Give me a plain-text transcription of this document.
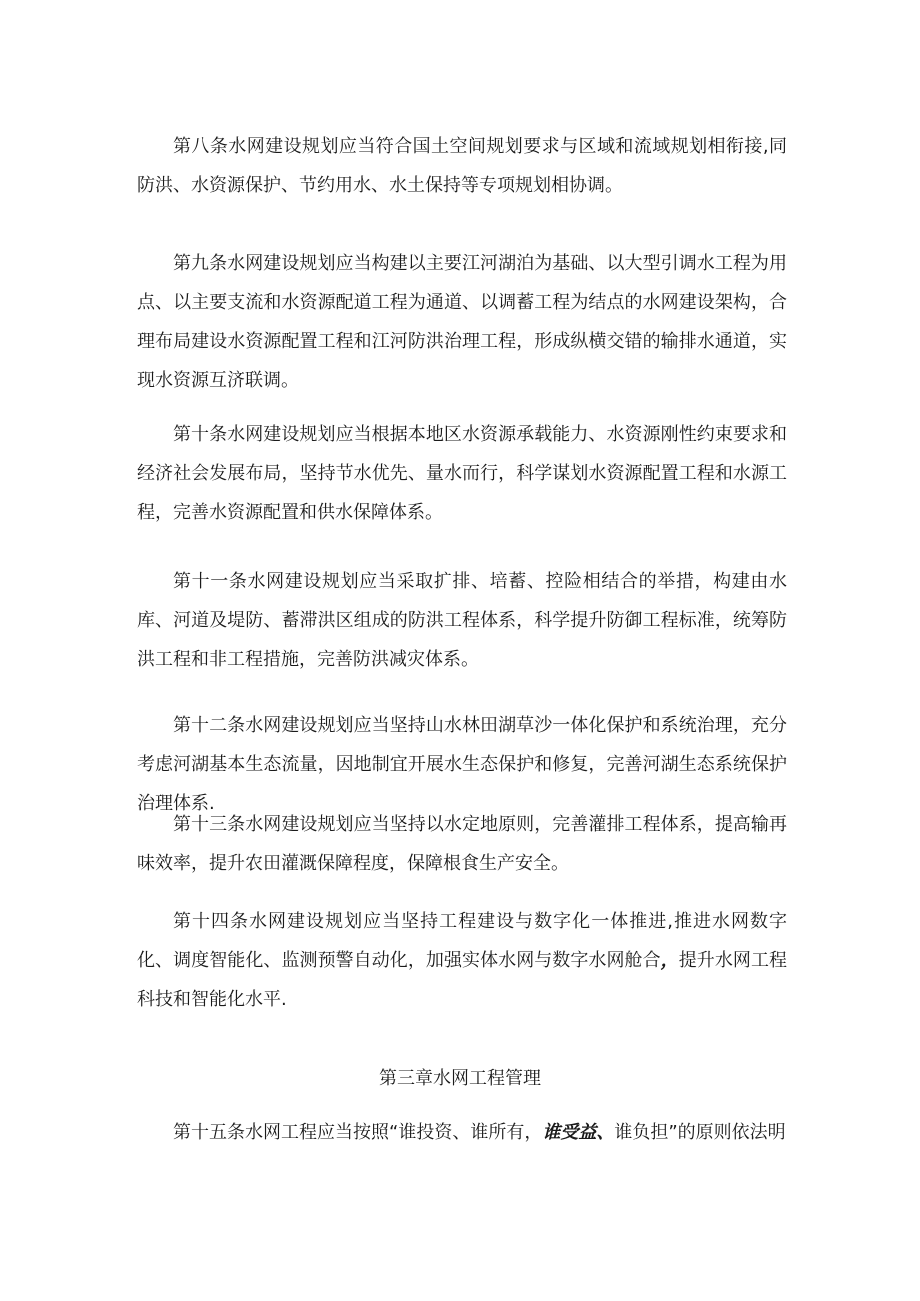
第八条水网建设规划应当符合国土空间规划要求与区域和流域规划相衔接,同防洪、水资源保护、节约用水、水土保持等专项规划相协调。

第九条水网建设规划应当构建以主要江河湖泊为基础、以大型引调水工程为用点、以主要支流和水资源配道工程为通道、以调蓄工程为结点的水网建设架构，合理布局建设水资源配置工程和江河防洪治理工程，形成纵横交错的输排水通道，实现水资源互济联调。

第十条水网建设规划应当根据本地区水资源承载能力、水资源刚性约束要求和经济社会发展布局，坚持节水优先、量水而行，科学谋划水资源配置工程和水源工程，完善水资源配置和供水保障体系。

第十一条水网建设规划应当采取扩排、培蓄、控险相结合的举措，构建由水库、河道及堤防、蓄滞洪区组成的防洪工程体系，科学提升防御工程标准，统筹防洪工程和非工程措施，完善防洪减灾体系。

第十二条水网建设规划应当坚持山水林田湖草沙一体化保护和系统治理，充分考虑河湖基本生态流量，因地制宜开展水生态保护和修复，完善河湖生态系统保护治理体系.

第十三条水网建设规划应当坚持以水定地原则，完善灌排工程体系，提高输再味效率，提升农田灌溉保障程度，保障根食生产安全。

第十四条水网建设规划应当坚持工程建设与数字化一体推进,推进水网数字化、调度智能化、监测预警自动化，加强实体水网与数字水网舱合，提升水网工程科技和智能化水平.

第三章水网工程管理

第十五条水网工程应当按照“谁投资、谁所有，谁受益、谁负担”的原则依法明
